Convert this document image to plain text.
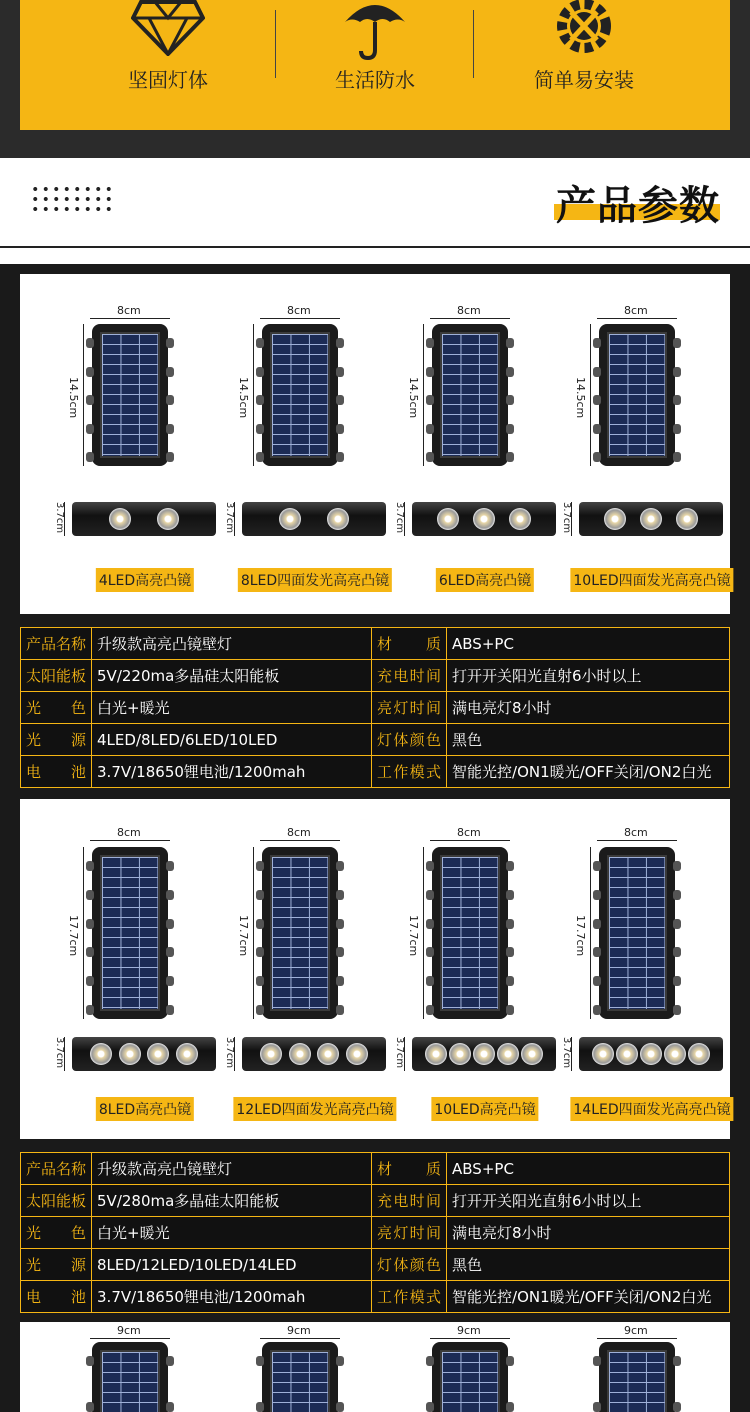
坚固灯体	生活防水	简单易安装
产品参数
8cm
14.5cm
3.7cm
4LED高亮凸镜
8cm
14.5cm
3.7cm
8LED四面发光高亮凸镜
8cm
14.5cm
3.7cm
6LED高亮凸镜
8cm
14.5cm
3.7cm
10LED四面发光高亮凸镜
产品名称	升级款高亮凸镜壁灯	材　质	ABS+PC
太阳能板	5V/220ma多晶硅太阳能板	充电时间	打开开关阳光直射6小时以上
光　色	白光+暖光	亮灯时间	满电亮灯8小时
光　源	4LED/8LED/6LED/10LED	灯体颜色	黑色
电　池	3.7V/18650锂电池/1200mah	工作模式	智能光控/ON1暖光/OFF关闭/ON2白光
8cm
17.7cm
3.7cm
8LED高亮凸镜
8cm
17.7cm
3.7cm
12LED四面发光高亮凸镜
8cm
17.7cm
3.7cm
10LED高亮凸镜
8cm
17.7cm
3.7cm
14LED四面发光高亮凸镜
产品名称	升级款高亮凸镜壁灯	材　质	ABS+PC
太阳能板	5V/280ma多晶硅太阳能板	充电时间	打开开关阳光直射6小时以上
光　色	白光+暖光	亮灯时间	满电亮灯8小时
光　源	8LED/12LED/10LED/14LED	灯体颜色	黑色
电　池	3.7V/18650锂电池/1200mah	工作模式	智能光控/ON1暖光/OFF关闭/ON2白光
9cm	9cm	9cm	9cm
